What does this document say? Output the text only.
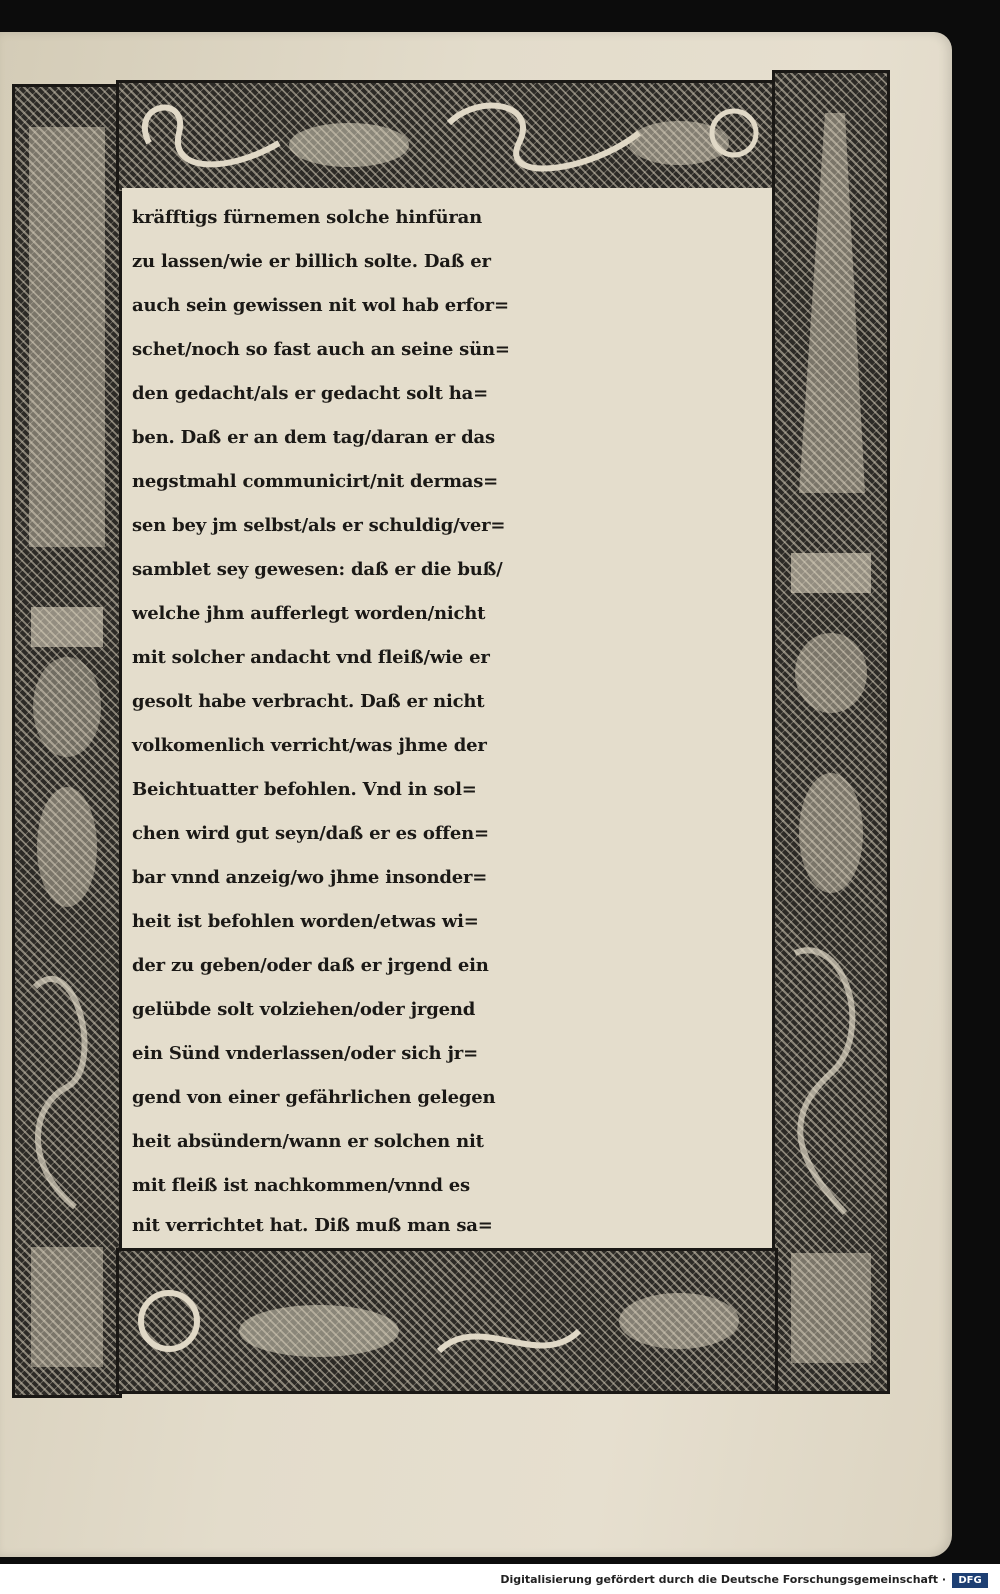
kräfftigs fürnemen solche hinfüran
zu lassen/wie er billich solte. Daß er
auch sein gewissen nit wol hab erfor=
schet/noch so fast auch an seine sün=
den gedacht/als er gedacht solt ha=
ben. Daß er an dem tag/daran er das
negstmahl communicirt/nit dermas=
sen bey jm selbst/als er schuldig/ver=
samblet sey gewesen: daß er die buß/
welche jhm aufferlegt worden/nicht
mit solcher andacht vnd fleiß/wie er
gesolt habe verbracht. Daß er nicht
volkomenlich verricht/was jhme der
Beichtuatter befohlen. Vnd in sol=
chen wird gut seyn/daß er es offen=
bar vnnd anzeig/wo jhme insonder=
heit ist befohlen worden/etwas wi=
der zu geben/oder daß er jrgend ein
gelübde solt volziehen/oder jrgend
ein Sünd vnderlassen/oder sich jr=
gend von einer gefährlichen gelegen
heit absündern/wann er solchen nit
mit fleiß ist nachkommen/vnnd es
nit verrichtet hat. Diß muß man sa=
Digitalisierung gefördert durch die Deutsche Forschungsgemeinschaft ·	DFG
